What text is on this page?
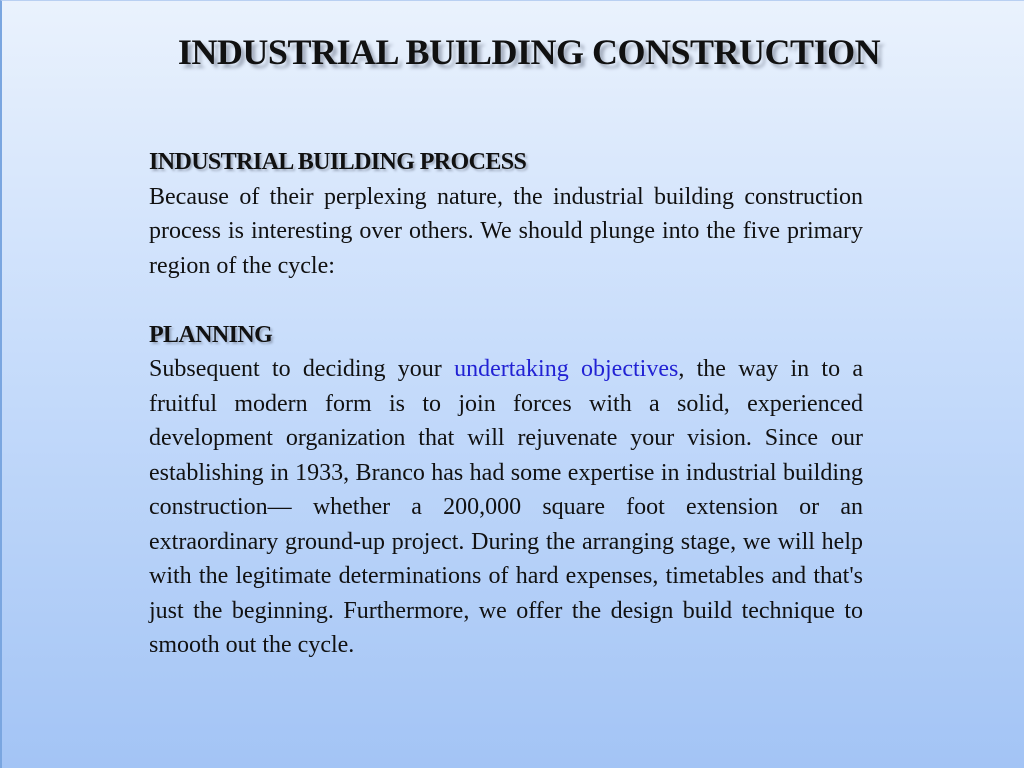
INDUSTRIAL BUILDING CONSTRUCTION

INDUSTRIAL BUILDING PROCESS

Because of their perplexing nature, the industrial building construction process is interesting over others. We should plunge into the five primary region of the cycle:

PLANNING

Subsequent to deciding your undertaking objectives, the way in to a fruitful modern form is to join forces with a solid, experienced development organization that will rejuvenate your vision. Since our establishing in 1933, Branco has had some expertise in industrial building construction— whether a 200,000 square foot extension or an extraordinary ground-up project. During the arranging stage, we will help with the legitimate determinations of hard expenses, timetables and that's just the beginning. Furthermore, we offer the design build technique to smooth out the cycle.
